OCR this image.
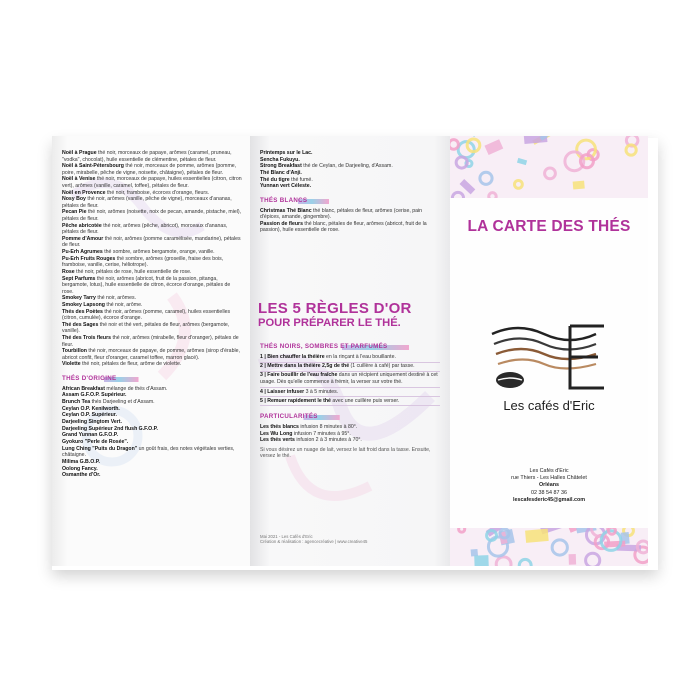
Noël à Prague thé noir, morceaux de papaye, arômes (caramel, pruneau, "vodka", chocolat), huile essentielle de clémentine, pétales de fleur.

Noël à Saint-Pétersbourg thé noir, morceaux de pomme, arômes (pomme, poire, mirabelle, pêche de vigne, noisette, châtaigne), pétales de fleur.

Noël à Venise thé noir, morceaux de papaye, huiles essentielles (citron, citron vert), arômes (vanille, caramel, toffee), pétales de fleur.

Noël en Provence thé noir, framboise, écorces d'orange, fleurs.

Nosy Boy thé noir, arômes (vanille, pêche de vigne), morceaux d'ananas, pétales de fleur.

Pecan Pie thé noir, arômes (noisette, noix de pecan, amande, pistache, miel), pétales de fleur.

Pêche abricotée thé noir, arômes (pêche, abricot), morceaux d'ananas, pétales de fleur.

Pomme d'Amour thé noir, arômes (pomme caramélisée, mandarine), pétales de fleur.

Pu-Erh Agrumes thé sombre, arômes bergamote, orange, vanille.

Pu-Erh Fruits Rouges thé sombre, arômes (groseille, fraise des bois, framboise, vanille, cerise, héliotrope).

Rose thé noir, pétales de rose, huile essentielle de rose.

Sept Parfums thé noir, arômes (abricot, fruit de la passion, pitanga, bergamote, lotus), huile essentielle de citron, écorce d'orange, pétales de rose.

Smokey Tarry thé noir, arômes.

Smokey Lapsong thé noir, arôme.

Thés des Poètes thé noir, arômes (pomme, caramel), huiles essentielles (citron, cumulée), écorce d'orange.

Thé des Sages thé noir et thé vert, pétales de fleur, arômes (bergamote, vanille).

Thé des Trois fleurs thé noir, arômes (mirabelle, fleur d'oranger), pétales de fleur.

Tourbillon thé noir, morceaux de papaye, de pomme, arômes (sirop d'érable, abricot confit, fleur d'oranger, caramel toffee, marron glacé).

Violette thé noir, pétales de fleur, arôme de violette.

THÉS D'ORIGINE

African Breakfast mélange de thés d'Assam.

Assam G.F.O.P. Supérieur.

Brunch Tea thés Darjeeling et d'Assam.

Ceylan O.P. Kenilworth.

Ceylan O.P. Supérieur.

Darjeeling Singtom Vert.

Darjeeling Supérieur 2nd flush G.F.O.P.

Grand Yunnan G.F.O.P.

Gyokuro "Perle de Rosée".

Lung Ching "Puits du Dragon" un goût frais, des notes végétales verties, châtaigne.

Milima G.B.O.P.

Oolong Fancy.

Osmanthe d'Or.

Printemps sur le Lac.

Sencha Fukuyu.

Strong Breakfast thé de Ceylan, de Darjeeling, d'Assam.

Thé Blanc d'Anji.

Thé du tigre thé fumé.

Yunnan vert Céleste.

THÉS BLANCS

Christmas Thé Blanc thé blanc, pétales de fleur, arômes (cerise, pain d'épices, amande, gingembre).

Passion de fleurs thé blanc, pétales de fleur, arômes (abricot, fruit de la passion), huile essentielle de rose.

LES 5 RÈGLES D'OR
POUR PRÉPARER LE THÉ.
THÉS NOIRS, SOMBRES ET PARFUMÉS

1 | Bien chauffer la théière en la rinçant à l'eau bouillante.

2 | Mettre dans la théière 2,5g de thé (1 cuillère à café) par tasse.

3 | Faire bouillir de l'eau fraîche dans un récipient uniquement destiné à cet usage. Dès qu'elle commence à frémir, la verser sur votre thé.

4 | Laisser infuser 3 à 5 minutes.

5 | Remuer rapidement le thé avec une cuillère puis verser.

PARTICULARITÉS

Les thés blancs infusion 8 minutes à 80°.

Les Wu Long infusion 7 minutes à 95°.

Les thés verts infusion 2 à 3 minutes à 70°.

Si vous désirez un nuage de lait, versez le lait froid dans la tasse. Ensuite, versez le thé.

Mai 2021 - Les Cafés d'Eric
Création & réalisation : agencecréative | www.creative45
LA CARTE DES THÉS
Les cafés d'Eric
Les Cafés d'Eric
rue Thiers - Les Halles Châtelet
Orléans
02 38 54 87 36
lescafesderic45@gmail.com
